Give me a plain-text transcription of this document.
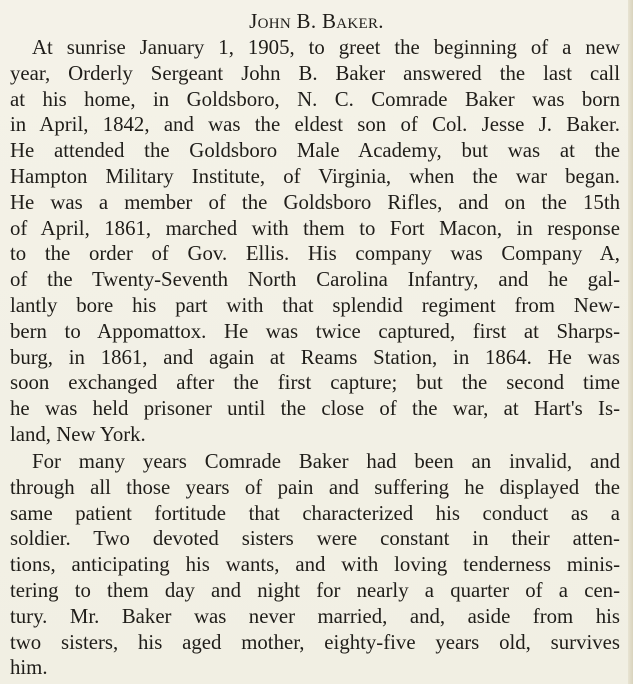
John B. Baker.
At sunrise January 1, 1905, to greet the beginning of a new
year, Orderly Sergeant John B. Baker answered the last call
at his home, in Goldsboro, N. C. Comrade Baker was born
in April, 1842, and was the eldest son of Col. Jesse J. Baker.
He attended the Goldsboro Male Academy, but was at the
Hampton Military Institute, of Virginia, when the war began.
He was a member of the Goldsboro Rifles, and on the 15th
of April, 1861, marched with them to Fort Macon, in response
to the order of Gov. Ellis. His company was Company A,
of the Twenty-Seventh North Carolina Infantry, and he gal-
lantly bore his part with that splendid regiment from New-
bern to Appomattox. He was twice captured, first at Sharps-
burg, in 1861, and again at Reams Station, in 1864. He was
soon exchanged after the first capture; but the second time
he was held prisoner until the close of the war, at Hart's Is-
land, New York.
For many years Comrade Baker had been an invalid, and
through all those years of pain and suffering he displayed the
same patient fortitude that characterized his conduct as a
soldier. Two devoted sisters were constant in their atten-
tions, anticipating his wants, and with loving tenderness minis-
tering to them day and night for nearly a quarter of a cen-
tury. Mr. Baker was never married, and, aside from his
two sisters, his aged mother, eighty-five years old, survives
him.
